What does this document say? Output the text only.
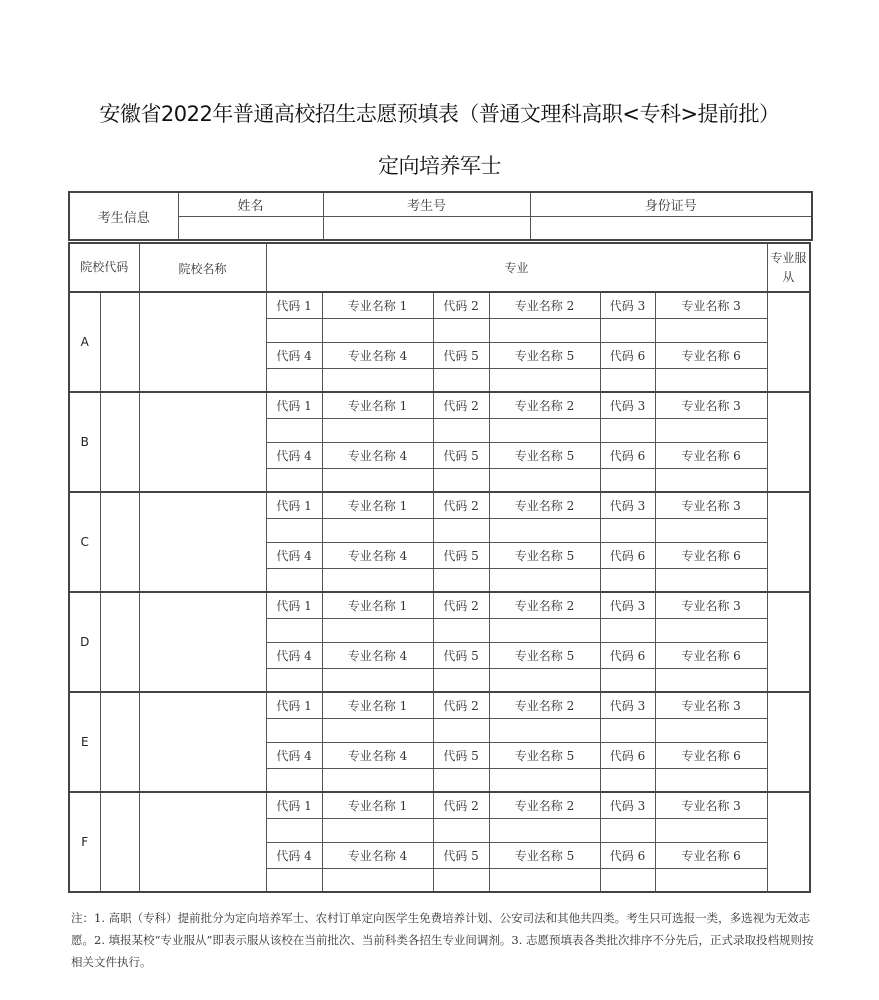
安徽省2022年普通高校招生志愿预填表（普通文理科高职<专科>提前批）
定向培养军士
考生信息	姓名	考生号	身份证号

院校代码		院校名称	专业						专业服从
A			代码 1	专业名称 1	代码 2	专业名称 2	代码 3	专业名称 3	

			代码 4	专业名称 4	代码 5	专业名称 5	代码 6	专业名称 6	

B			代码 1	专业名称 1	代码 2	专业名称 2	代码 3	专业名称 3	

			代码 4	专业名称 4	代码 5	专业名称 5	代码 6	专业名称 6	

C			代码 1	专业名称 1	代码 2	专业名称 2	代码 3	专业名称 3	

			代码 4	专业名称 4	代码 5	专业名称 5	代码 6	专业名称 6	

D			代码 1	专业名称 1	代码 2	专业名称 2	代码 3	专业名称 3	

			代码 4	专业名称 4	代码 5	专业名称 5	代码 6	专业名称 6	

E			代码 1	专业名称 1	代码 2	专业名称 2	代码 3	专业名称 3	

			代码 4	专业名称 4	代码 5	专业名称 5	代码 6	专业名称 6	

F			代码 1	专业名称 1	代码 2	专业名称 2	代码 3	专业名称 3	

			代码 4	专业名称 4	代码 5	专业名称 5	代码 6	专业名称 6	

注：1. 高职（专科）提前批分为定向培养军士、农村订单定向医学生免费培养计划、公安司法和其他共四类。考生只可选报一类，多选视为无效志愿。2. 填报某校“专业服从”即表示服从该校在当前批次、当前科类各招生专业间调剂。3. 志愿预填表各类批次排序不分先后，正式录取投档规则按相关文件执行。
